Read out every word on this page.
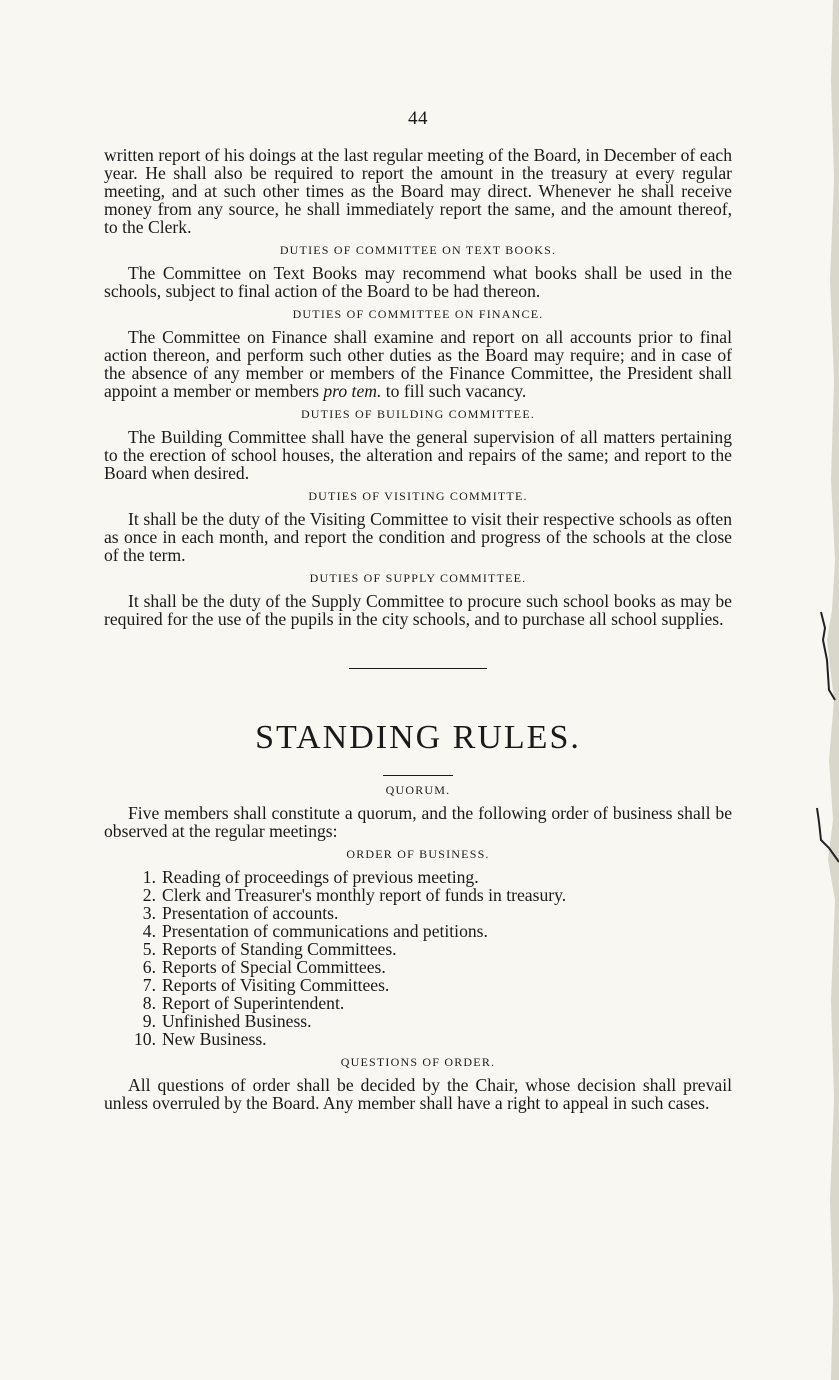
44

written report of his doings at the last regular meeting of the Board, in December of each year. He shall also be required to report the amount in the treasury at every regular meeting, and at such other times as the Board may direct. Whenever he shall receive money from any source, he shall immediately report the same, and the amount thereof, to the Clerk.

DUTIES OF COMMITTEE ON TEXT BOOKS.

The Committee on Text Books may recommend what books shall be used in the schools, subject to final action of the Board to be had thereon.

DUTIES OF COMMITTEE ON FINANCE.

The Committee on Finance shall examine and report on all accounts prior to final action thereon, and perform such other duties as the Board may require; and in case of the absence of any member or members of the Finance Committee, the President shall appoint a member or members pro tem. to fill such vacancy.

DUTIES OF BUILDING COMMITTEE.

The Building Committee shall have the general supervision of all matters pertaining to the erection of school houses, the alteration and repairs of the same; and report to the Board when desired.

DUTIES OF VISITING COMMITTE.

It shall be the duty of the Visiting Committee to visit their respective schools as often as once in each month, and report the condition and progress of the schools at the close of the term.

DUTIES OF SUPPLY COMMITTEE.

It shall be the duty of the Supply Committee to procure such school books as may be required for the use of the pupils in the city schools, and to purchase all school supplies.

STANDING RULES.
QUORUM.

Five members shall constitute a quorum, and the following order of business shall be observed at the regular meetings:

ORDER OF BUSINESS.
1. Reading of proceedings of previous meeting.
2. Clerk and Treasurer's monthly report of funds in treasury.
3. Presentation of accounts.
4. Presentation of communications and petitions.
5. Reports of Standing Committees.
6. Reports of Special Committees.
7. Reports of Visiting Committees.
8. Report of Superintendent.
9. Unfinished Business.
10. New Business.
QUESTIONS OF ORDER.

All questions of order shall be decided by the Chair, whose decision shall prevail unless overruled by the Board. Any member shall have a right to appeal in such cases.
